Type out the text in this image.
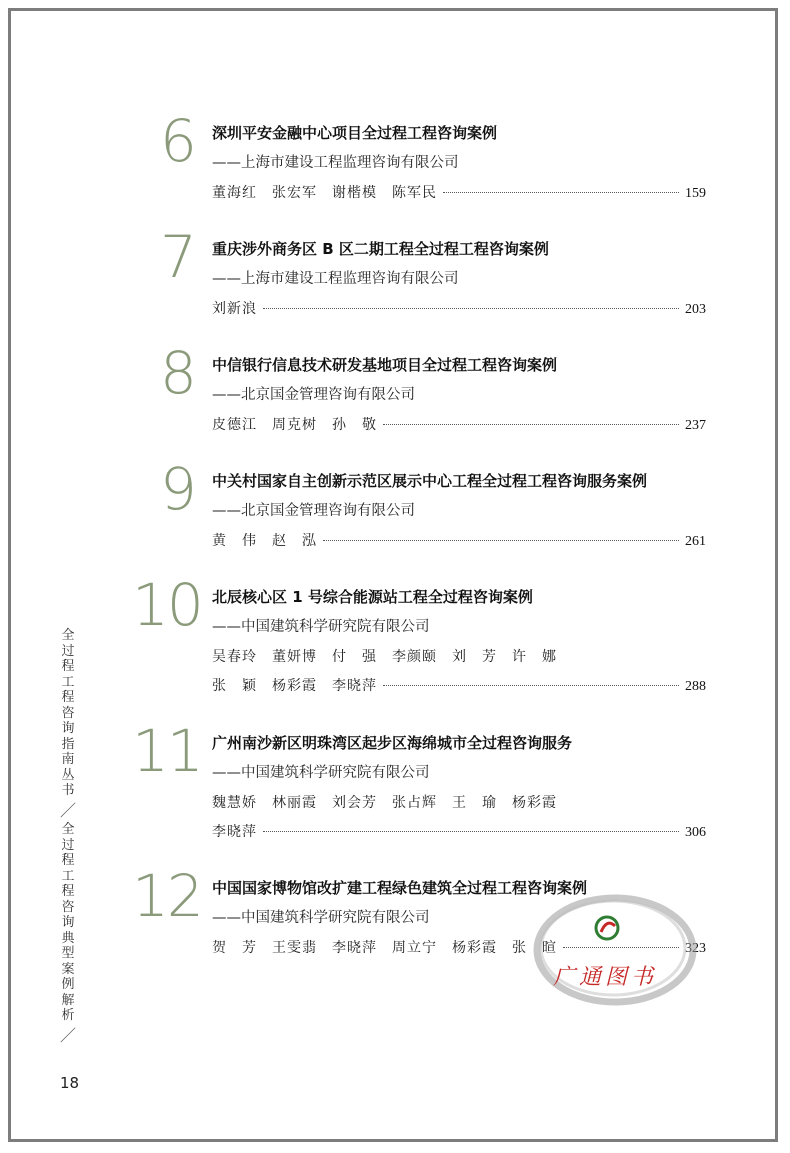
6 深圳平安金融中心项目全过程工程咨询案例
——上海市建设工程监理咨询有限公司
董海红　张宏军　谢楷模　陈军民	159
7 重庆涉外商务区 B 区二期工程全过程工程咨询案例
——上海市建设工程监理咨询有限公司
刘新浪	203
8 中信银行信息技术研发基地项目全过程工程咨询案例
——北京国金管理咨询有限公司
皮德江　周克树　孙　敬	237
9 中关村国家自主创新示范区展示中心工程全过程工程咨询服务案例
——北京国金管理咨询有限公司
黄　伟　赵　泓	261
10 北辰核心区 1 号综合能源站工程全过程咨询案例
——中国建筑科学研究院有限公司
吴春玲　董妍博　付　强　李颜颐　刘　芳　许　娜
张　颖　杨彩霞　李晓萍	288
11 广州南沙新区明珠湾区起步区海绵城市全过程咨询服务
——中国建筑科学研究院有限公司
魏慧娇　林丽霞　刘会芳　张占辉　王　瑜　杨彩霞
李晓萍	306
12 中国国家博物馆改扩建工程绿色建筑全过程工程咨询案例
——中国建筑科学研究院有限公司
贺　芳　王雯翡　李晓萍　周立宁　杨彩霞　张　暄	323
广通图书
全过程工程咨询指南丛书
／
全过程工程咨询典型案例解析
／
18
